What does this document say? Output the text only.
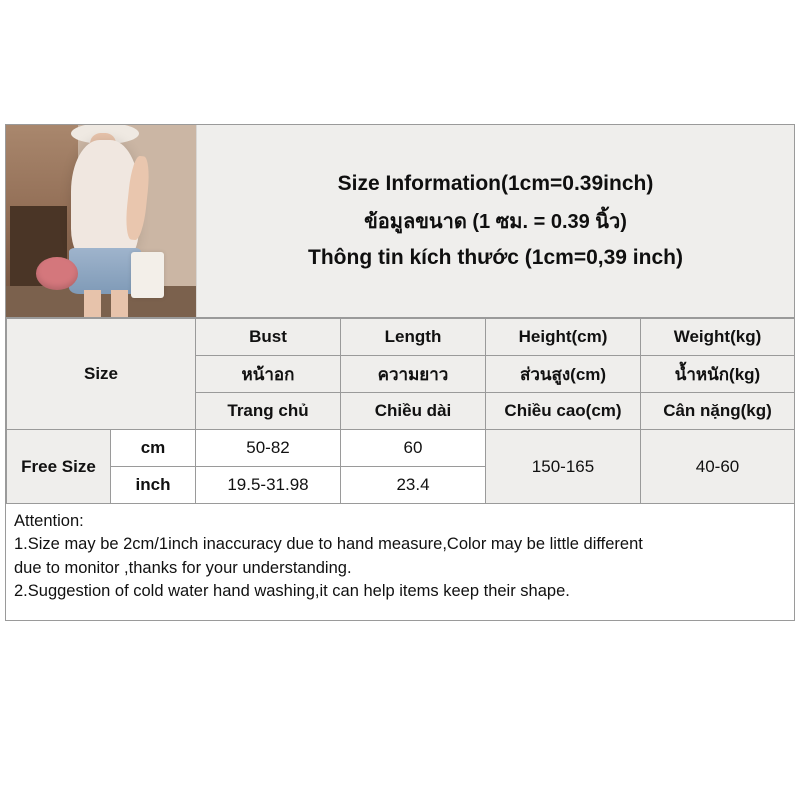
Size Information(1cm=0.39inch)
ข้อมูลขนาด (1 ซม. = 0.39 นิ้ว)
Thông tin kích thước (1cm=0,39 inch)
Size		Bust	Length	Height(cm)	Weight(kg)
		หน้าอก	ความยาว	ส่วนสูง(cm)	น้ำหนัก(kg)
		Trang chủ	Chiều dài	Chiều cao(cm)	Cân nặng(kg)
Free Size	cm	50-82	60	150-165	40-60
	inch	19.5-31.98	23.4		

Attention:

1.Size may be 2cm/1inch inaccuracy due to hand measure,Color may be little different

due to monitor ,thanks for your understanding.

2.Suggestion of cold water hand washing,it can help items keep their shape.
